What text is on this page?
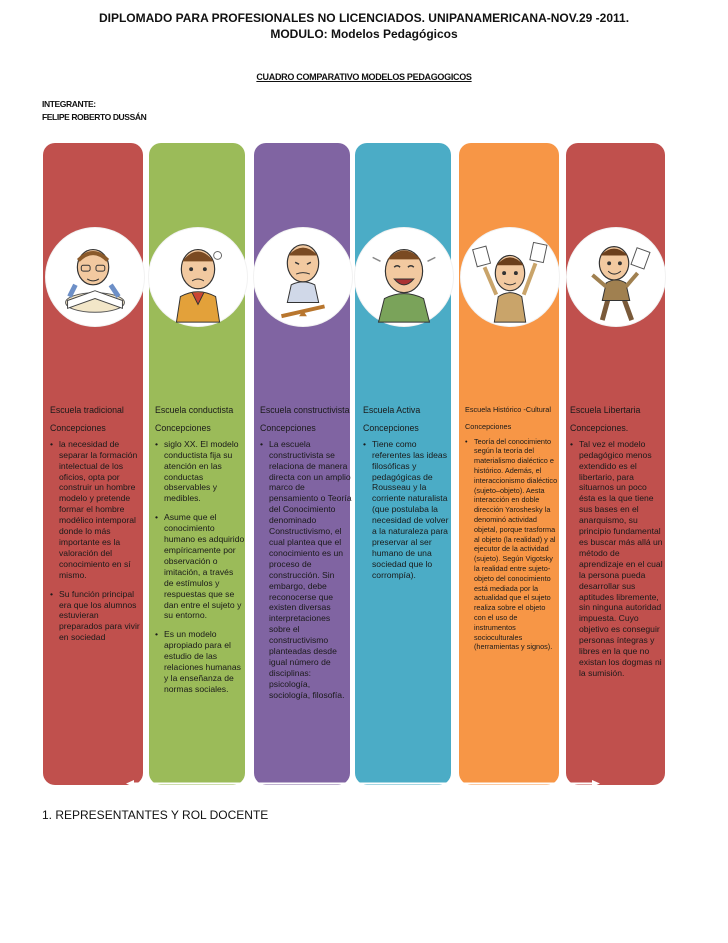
DIPLOMADO PARA PROFESIONALES NO LICENCIADOS. UNIPANAMERICANA-NOV.29 -2011.
MODULO: Modelos Pedagógicos
CUADRO COMPARATIVO MODELOS PEDAGOGICOS
INTEGRANTE:
FELIPE ROBERTO DUSSÁN
Escuela tradicional
Concepciones
• la necesidad de separar la formación intelectual de los oficios, opta por construir un hombre modelo y pretende formar el hombre modélico intemporal donde lo más importante es la valoración del conocimiento en sí mismo.
• Su función principal era que los alumnos estuvieran preparados para vivir en sociedad
Escuela conductista
Concepciones
• siglo XX. El modelo conductista fija su atención en las conductas observables y medibles.
• Asume que el conocimiento humano es adquirido empíricamente por observación o imitación, a través de estímulos y respuestas que se dan entre el sujeto y su entorno.
• Es un modelo apropiado para el estudio de las relaciones humanas y la enseñanza de normas sociales.
Escuela constructivista
Concepciones
• La escuela constructivista se relaciona de manera directa con un amplio marco de pensamiento o Teoría del Conocimiento denominado Constructivismo, el cual plantea que el conocimiento es un proceso de construcción. Sin embargo, debe reconocerse que existen diversas interpretaciones sobre el constructivismo planteadas desde igual número de disciplinas: psicología, sociología, filosofía.
Escuela Activa
Concepciones
• Tiene como referentes las ideas filosóficas y pedagógicas de Rousseau y la corriente naturalista (que postulaba la necesidad de volver a la naturaleza para preservar al ser humano de una sociedad que lo corrompía).
Escuela Histórico -Cultural
Concepciones
• Teoría del conocimiento según la teoría del materialismo dialéctico e histórico. Además, el interaccionismo dialéctico (sujeto–objeto). Aesta interacción en doble dirección Yaroshesky la denominó actividad objetal, porque trasforma al objeto (la realidad) y al ejecutor de la actividad (sujeto). Según Vigotsky la realidad entre sujeto-objeto del conocimiento está mediada por la actualidad que el sujeto realiza sobre el objeto con el uso de instrumentos socioculturales (herramientas y signos).
Escuela Libertaria
Concepciones.
• Tal vez el modelo pedagógico menos extendido es el libertario, para situarnos un poco ésta es la que tiene sus bases en el anarquismo, su principio fundamental es buscar más allá un método de aprendizaje en el cual la persona pueda desarrollar sus aptitudes libremente, sin ninguna autoridad impuesta. Cuyo objetivo es conseguir personas íntegras y libres en la que no existan los dogmas ni la sumisión.
1. REPRESENTANTES Y ROL DOCENTE
